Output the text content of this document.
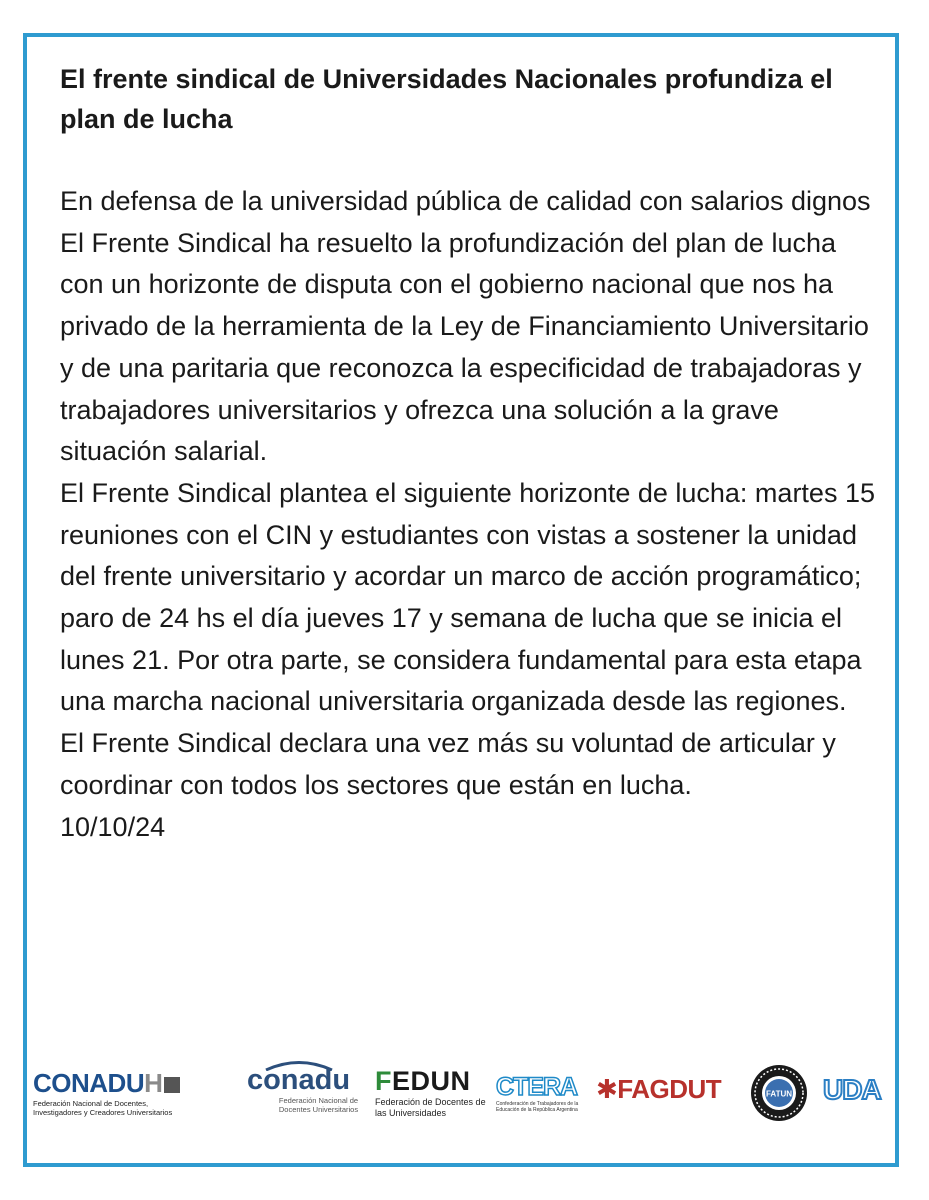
El frente sindical de Universidades Nacionales profundiza el plan de lucha

En defensa de la universidad pública de calidad con salarios dignos

El Frente Sindical ha resuelto la profundización del plan de lucha con un horizonte de disputa con el gobierno nacional que nos ha privado de la herramienta de la Ley de Financiamiento Universitario y de una paritaria que reconozca la especificidad de trabajadoras y trabajadores universitarios y ofrezca una solución a la grave situación salarial.

El Frente Sindical plantea el siguiente horizonte de lucha: martes 15 reuniones con el CIN y estudiantes con vistas a sostener la unidad del frente universitario y acordar un marco de acción programático; paro de 24 hs el día jueves 17 y semana de lucha que se inicia el lunes 21. Por otra parte, se considera fundamental para esta etapa una marcha nacional universitaria organizada desde las regiones.

El Frente Sindical declara una vez más su voluntad de articular y coordinar con todos los sectores que están en lucha.

10/10/24

CONADUH
Federación Nacional de Docentes, Investigadores y Creadores Universitarios
conadu
Federación Nacional de Docentes Universitarios
FEDUN
Federación de Docentes de las Universidades
CTERA
Confederación de Trabajadores de la Educación de la República Argentina
✱FAGDUT	FATUN UDA
